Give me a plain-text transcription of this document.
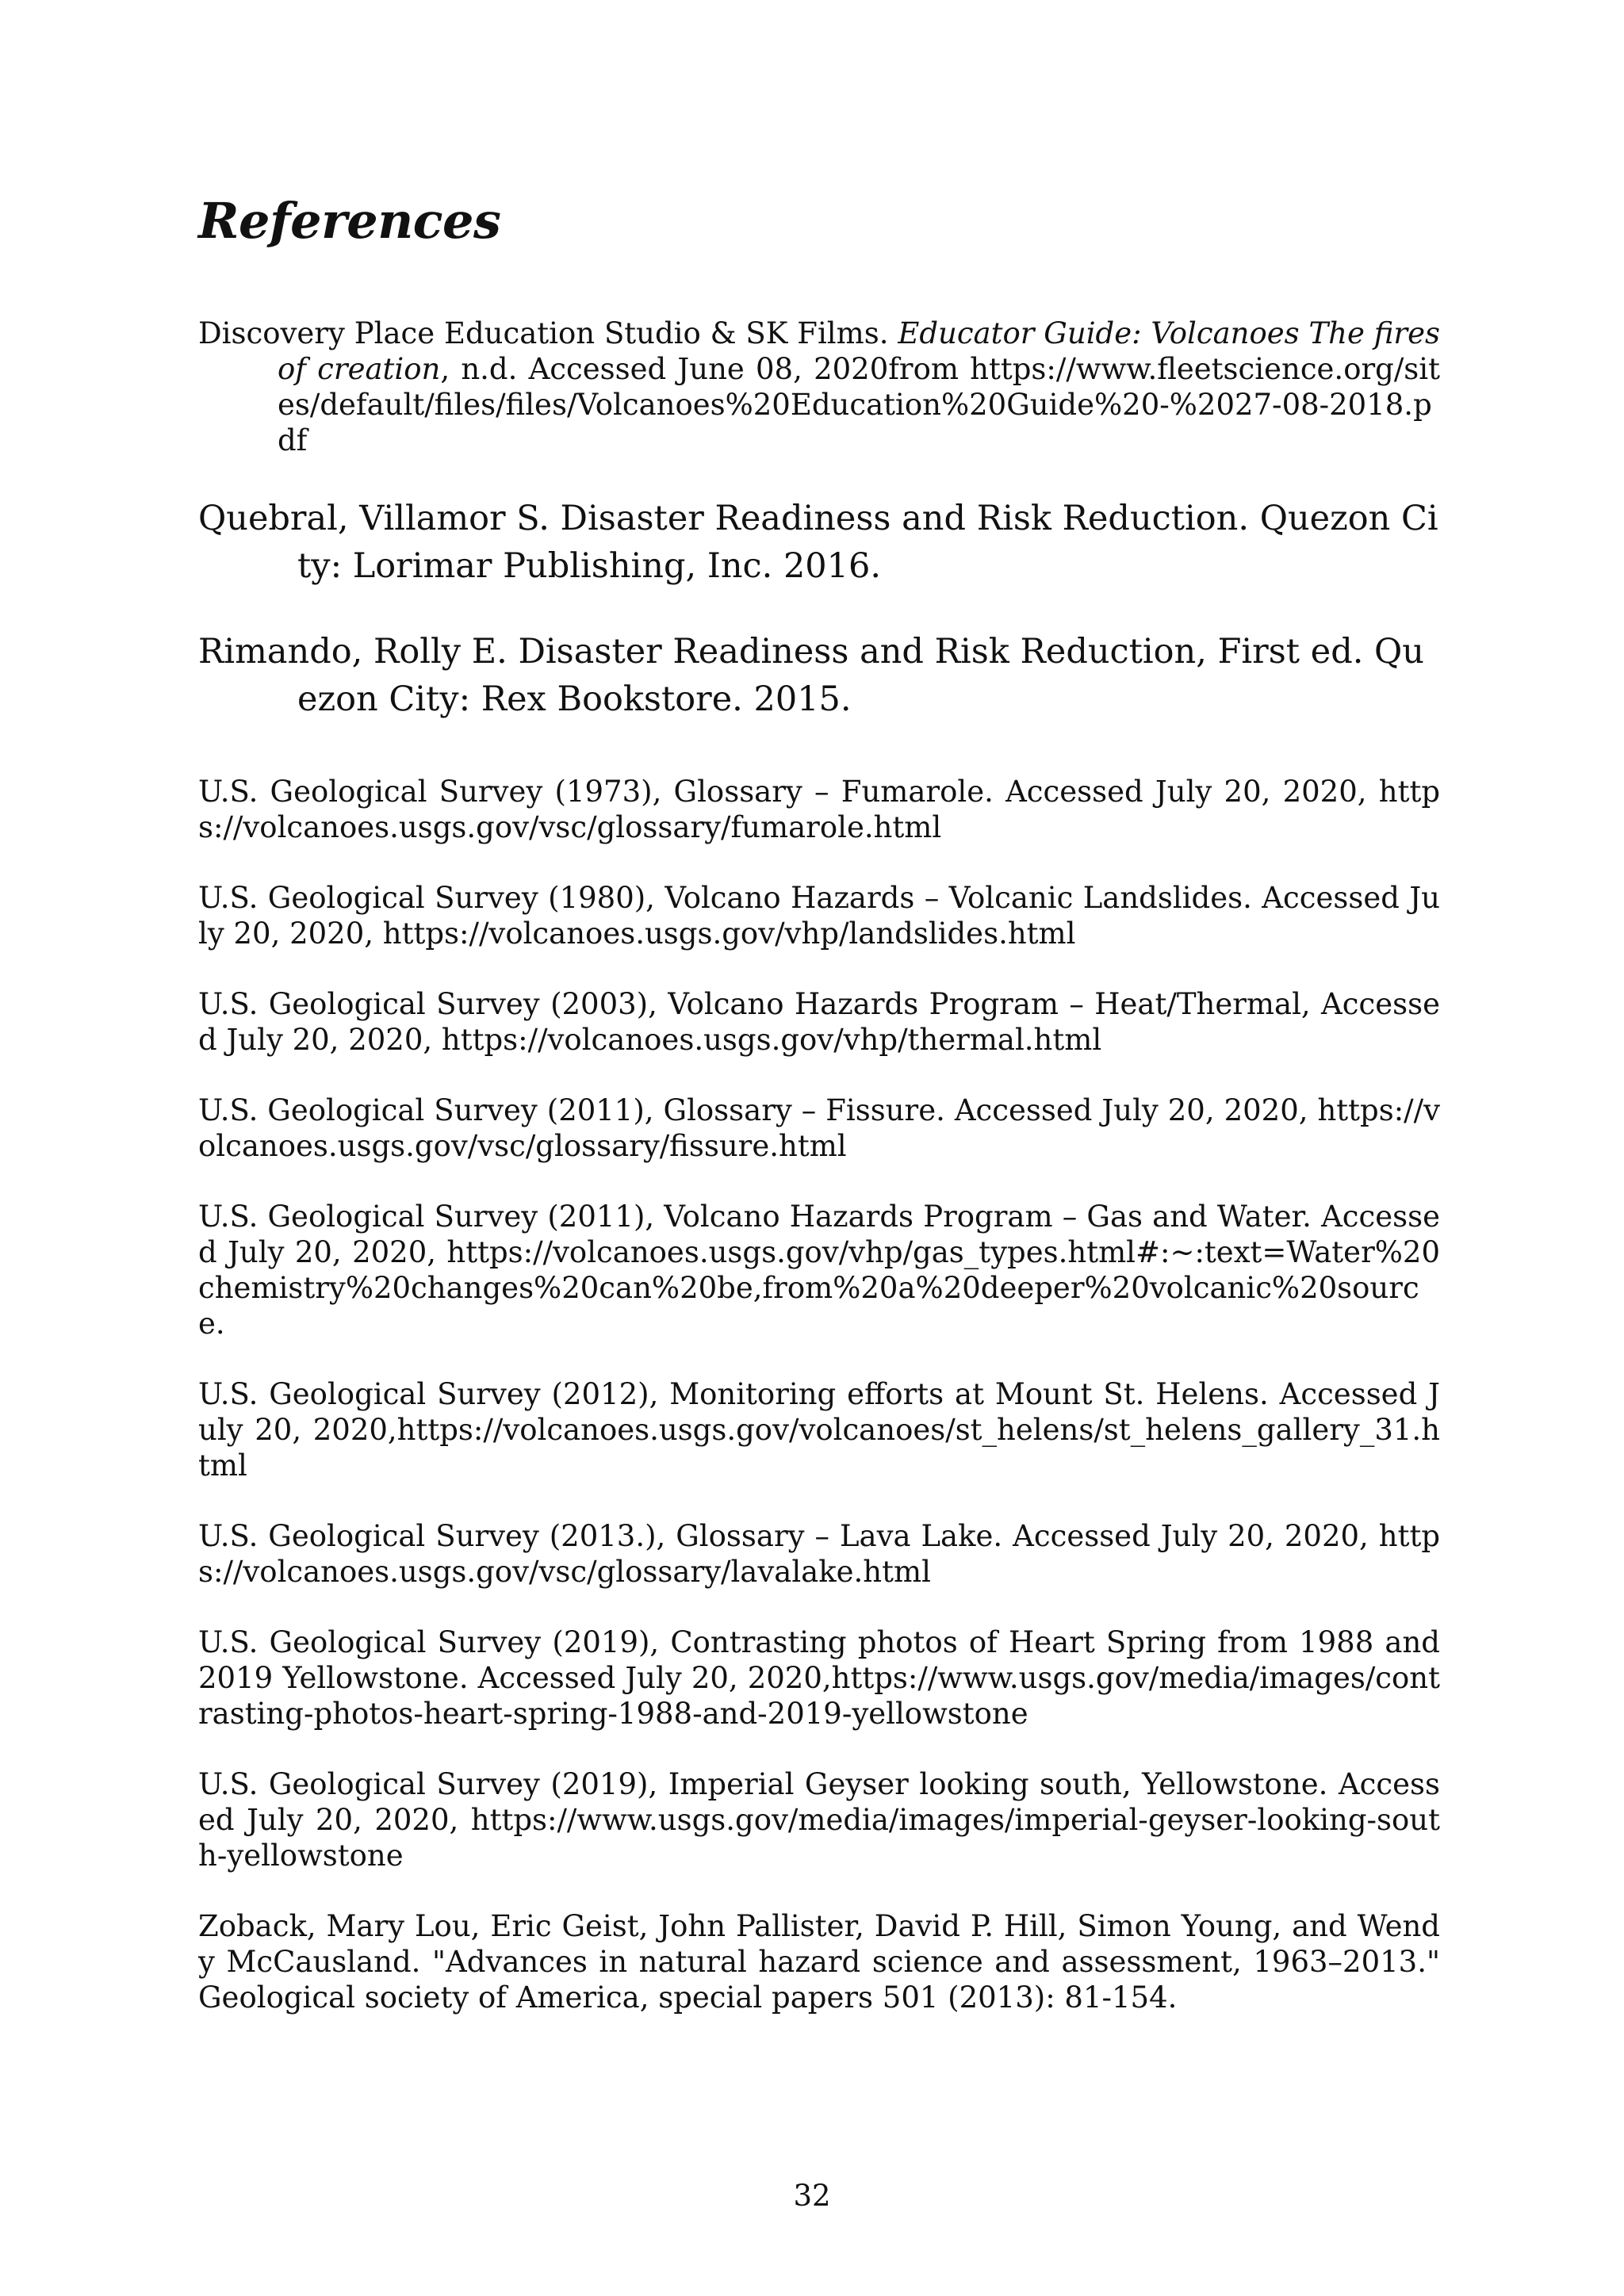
References

Discovery Place Education Studio & SK Films. Educator Guide: Volcanoes The fires of creation, n.d. Accessed June 08, 2020from https://www.fleetscience.org/sites/default/files/files/Volcanoes%20Education%20Guide%20-%2027-08-2018.pdf

Quebral, Villamor S. Disaster Readiness and Risk Reduction. Quezon City: Lorimar Publishing, Inc. 2016.

Rimando, Rolly E. Disaster Readiness and Risk Reduction, First ed. Quezon City: Rex Bookstore. 2015.

U.S. Geological Survey (1973), Glossary – Fumarole. Accessed July 20, 2020, https://volcanoes.usgs.gov/vsc/glossary/fumarole.html

U.S. Geological Survey (1980), Volcano Hazards – Volcanic Landslides. Accessed July 20, 2020, https://volcanoes.usgs.gov/vhp/landslides.html

U.S. Geological Survey (2003), Volcano Hazards Program – Heat/Thermal, Accessed July 20, 2020, https://volcanoes.usgs.gov/vhp/thermal.html

U.S. Geological Survey (2011), Glossary – Fissure. Accessed July 20, 2020, https://volcanoes.usgs.gov/vsc/glossary/fissure.html

U.S. Geological Survey (2011), Volcano Hazards Program – Gas and Water. Accessed July 20, 2020, https://volcanoes.usgs.gov/vhp/gas_types.html#:~:text=Water%20chemistry%20changes%20can%20be,from%20a%20deeper%20volcanic%20source.

U.S. Geological Survey (2012), Monitoring efforts at Mount St. Helens. Accessed July 20, 2020,https://volcanoes.usgs.gov/volcanoes/st_helens/st_helens_gallery_31.html

U.S. Geological Survey (2013.), Glossary – Lava Lake. Accessed July 20, 2020, https://volcanoes.usgs.gov/vsc/glossary/lavalake.html

U.S. Geological Survey (2019), Contrasting photos of Heart Spring from 1988 and 2019 Yellowstone. Accessed July 20, 2020,https://www.usgs.gov/media/images/contrasting-photos-heart-spring-1988-and-2019-yellowstone

U.S. Geological Survey (2019), Imperial Geyser looking south, Yellowstone. Accessed July 20, 2020, https://www.usgs.gov/media/images/imperial-geyser-looking-south-yellowstone

Zoback, Mary Lou, Eric Geist, John Pallister, David P. Hill, Simon Young, and Wendy McCausland. "Advances in natural hazard science and assessment, 1963–2013." Geological society of America, special papers 501 (2013): 81-154.

32
